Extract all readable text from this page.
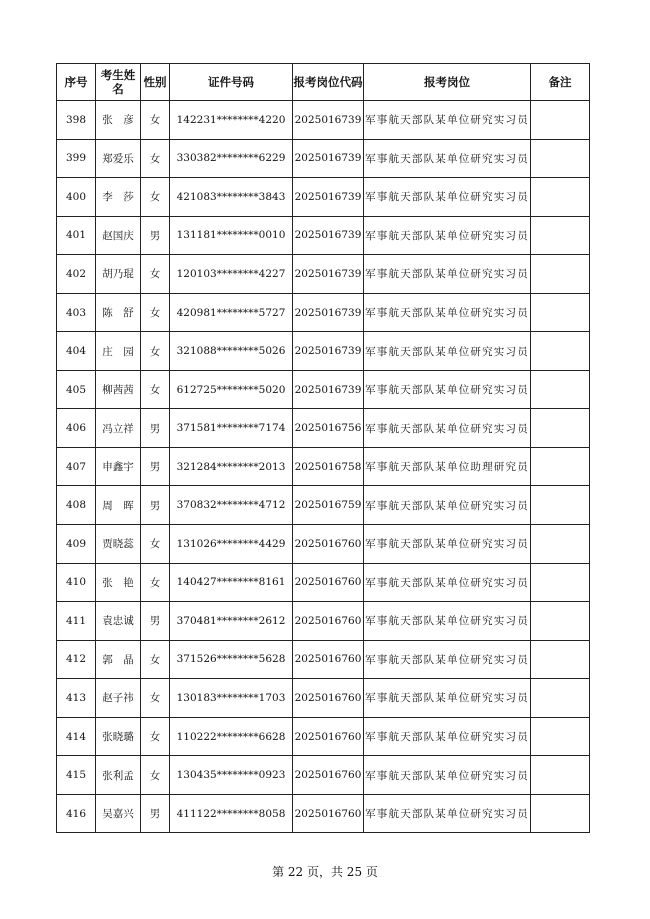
序号	考生姓名	性别	证件号码	报考岗位代码	报考岗位	备注
398	张　彦	女	142231********4220	2025016739	军事航天部队某单位研究实习员	
399	郑爱乐	女	330382********6229	2025016739	军事航天部队某单位研究实习员	
400	李　莎	女	421083********3843	2025016739	军事航天部队某单位研究实习员	
401	赵国庆	男	131181********0010	2025016739	军事航天部队某单位研究实习员	
402	胡乃琨	女	120103********4227	2025016739	军事航天部队某单位研究实习员	
403	陈　舒	女	420981********5727	2025016739	军事航天部队某单位研究实习员	
404	庄　园	女	321088********5026	2025016739	军事航天部队某单位研究实习员	
405	柳茜茜	女	612725********5020	2025016739	军事航天部队某单位研究实习员	
406	冯立祥	男	371581********7174	2025016756	军事航天部队某单位研究实习员	
407	申鑫宇	男	321284********2013	2025016758	军事航天部队某单位助理研究员	
408	周　晖	男	370832********4712	2025016759	军事航天部队某单位研究实习员	
409	贾晓蕊	女	131026********4429	2025016760	军事航天部队某单位研究实习员	
410	张　艳	女	140427********8161	2025016760	军事航天部队某单位研究实习员	
411	袁忠诚	男	370481********2612	2025016760	军事航天部队某单位研究实习员	
412	郭　晶	女	371526********5628	2025016760	军事航天部队某单位研究实习员	
413	赵子祎	女	130183********1703	2025016760	军事航天部队某单位研究实习员	
414	张晓璐	女	110222********6628	2025016760	军事航天部队某单位研究实习员	
415	张利孟	女	130435********0923	2025016760	军事航天部队某单位研究实习员	
416	吴嘉兴	男	411122********8058	2025016760	军事航天部队某单位研究实习员	
第 22 页，共 25 页
